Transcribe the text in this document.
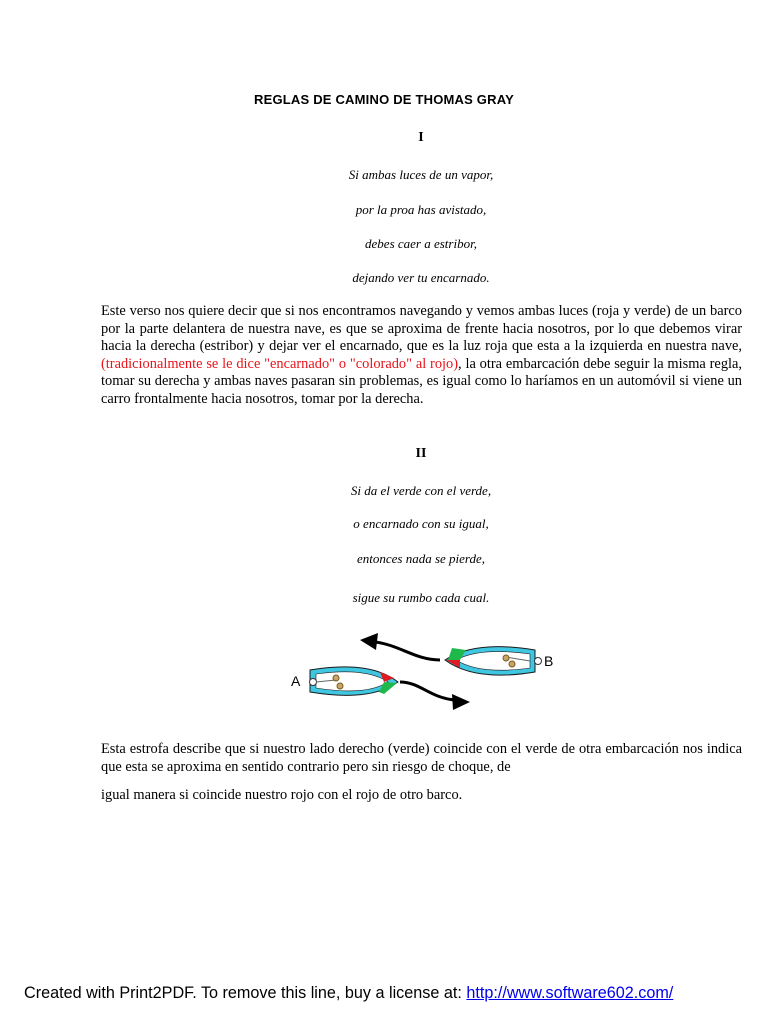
REGLAS DE CAMINO DE THOMAS GRAY
I
Si ambas luces de un vapor,
por la proa has avistado,
debes caer a estribor,
dejando ver tu encarnado.
Este verso nos quiere decir que si nos encontramos navegando y vemos ambas luces (roja y verde) de un barco por la parte delantera de nuestra nave, es que se aproxima de frente hacia nosotros, por lo que debemos virar hacia la derecha (estribor) y dejar ver el encarnado, que es la luz roja que esta a la izquierda en nuestra nave, (tradicionalmente se le dice "encarnado" o "colorado" al rojo), la otra embarcación debe seguir la misma regla, tomar su derecha y ambas naves pasaran sin problemas, es igual como lo haríamos en un automóvil si viene un carro frontalmente hacia nosotros, tomar por la derecha.
II
Si da el verde con el verde,
o encarnado con su igual,
entonces nada se pierde,
sigue su rumbo cada cual.
B
A
Esta estrofa describe que si nuestro lado derecho (verde) coincide con el verde de otra embarcación nos indica que esta se aproxima en sentido contrario pero sin riesgo de choque, de
igual manera si coincide nuestro rojo con el rojo de otro barco.
Created with Print2PDF. To remove this line, buy a license at: http://www.software602.com/
